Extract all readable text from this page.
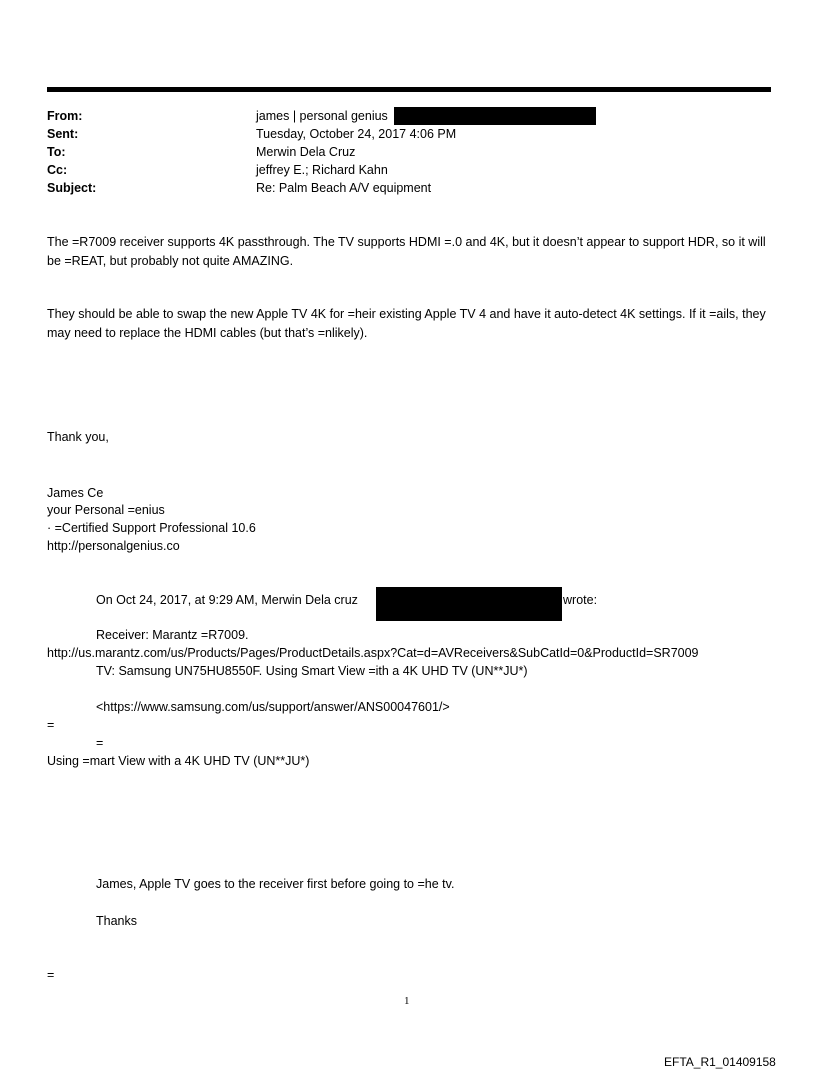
From:	james | personal genius
Sent:	Tuesday, October 24, 2017 4:06 PM
To:	Merwin Dela Cruz
Cc:	jeffrey E.; Richard Kahn
Subject:	Re: Palm Beach A/V equipment
The =R7009 receiver supports 4K passthrough. The TV supports HDMI =.0 and 4K, but it doesn’t appear to support HDR, so it will be =REAT, but probably not quite AMAZING.
They should be able to swap the new Apple TV 4K for =heir existing Apple TV 4 and have it auto-detect 4K settings. If it =ails, they may need to replace the HDMI cables (but that’s =nlikely).
Thank you,
James Ce
your Personal =enius
· =Certified Support Professional 10.6
http://personalgenius.co
On Oct 24, 2017, at 9:29 AM, Merwin Dela cruz	wrote:
Receiver: Marantz =R7009.
http://us.marantz.com/us/Products/Pages/ProductDetails.aspx?Cat=d=AVReceivers&SubCatId=0&ProductId=SR7009
TV: Samsung UN75HU8550F. Using Smart View =ith a 4K UHD TV (UN**JU*)
<https://www.samsung.com/us/support/answer/ANS00047601/>
=
=
Using =mart View with a 4K UHD TV (UN**JU*)
James, Apple TV goes to the receiver first before going to =he tv.
Thanks
=
1
EFTA_R1_01409158
